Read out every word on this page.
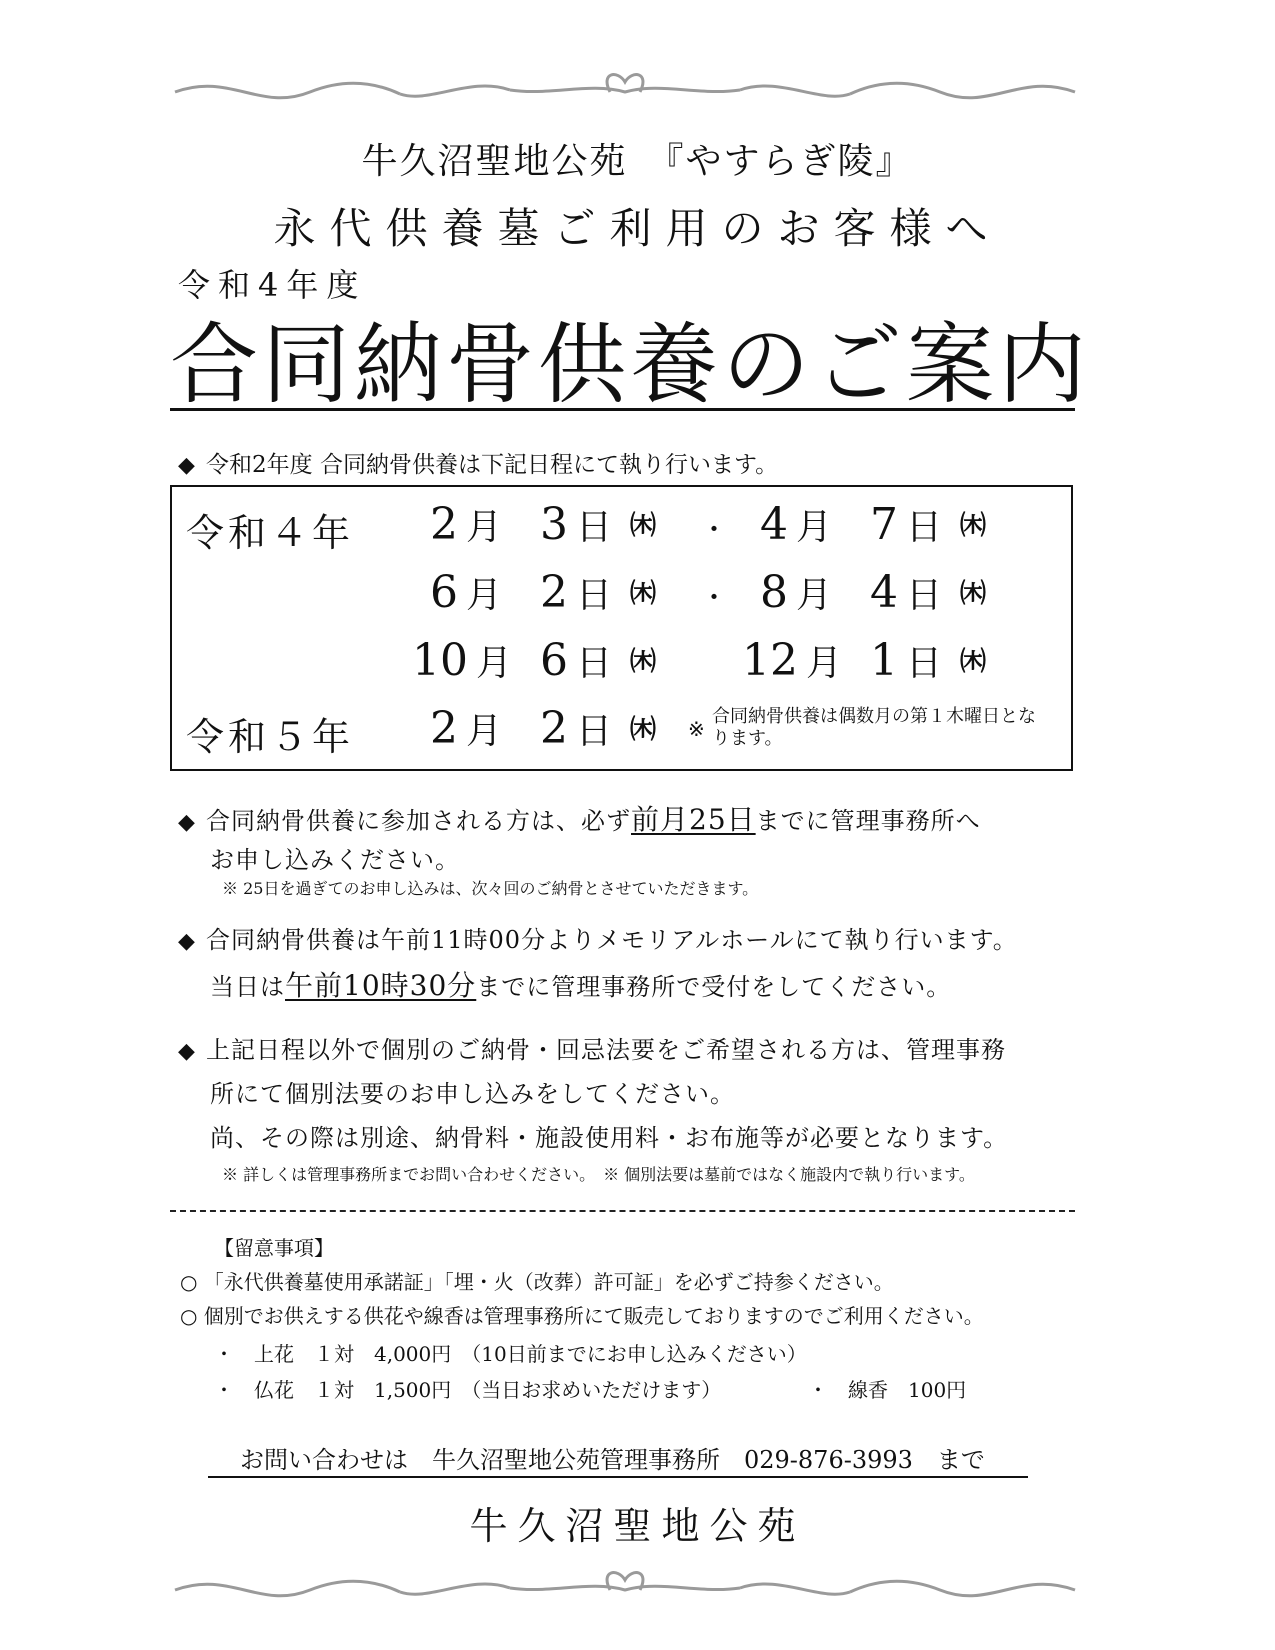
牛久沼聖地公苑　『やすらぎ陵』
永代供養墓ご利用のお客様へ
令和4年度
合同納骨供養のご案内
◆ 令和2年度 合同納骨供養は下記日程にて執り行います。
令和４年
令和５年
2 月 3 日 ㈭ ・ 4 月 7 日 ㈭
6 月 2 日 ㈭ ・ 8 月 4 日 ㈭
10 月 6 日 ㈭ 12 月 1 日 ㈭
2 月 2 日 ㈭ ※
合同納骨供養は偶数月の第１木曜日となります。
◆ 合同納骨供養に参加される方は、必ず前月25日までに管理事務所へ
お申し込みください。
※ 25日を過ぎてのお申し込みは、次々回のご納骨とさせていただきます。
◆ 合同納骨供養は午前11時00分よりメモリアルホールにて執り行います。
当日は午前10時30分までに管理事務所で受付をしてください。
◆ 上記日程以外で個別のご納骨・回忌法要をご希望される方は、管理事務
所にて個別法要のお申し込みをしてください。
尚、その際は別途、納骨料・施設使用料・お布施等が必要となります。
※ 詳しくは管理事務所までお問い合わせください。　※ 個別法要は墓前ではなく施設内で執り行います。
【留意事項】
○ 「永代供養墓使用承諾証」「埋・火（改葬）許可証」を必ずご持参ください。
○ 個別でお供えする供花や線香は管理事務所にて販売しておりますのでご利用ください。
・　上花　１対　4,000円　（10日前までにお申し込みください）
・　仏花　１対　1,500円　（当日お求めいただけます）	・　線香　100円
お問い合わせは　牛久沼聖地公苑管理事務所　029-876-3993　まで
牛久沼聖地公苑
